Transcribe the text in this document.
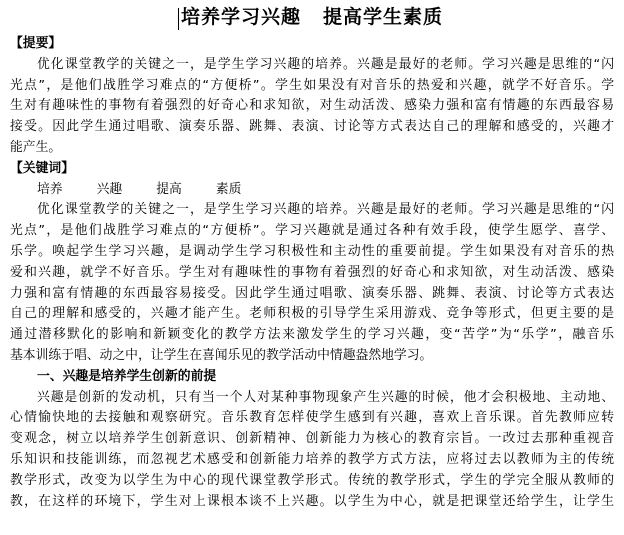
培养学习兴趣 提高学生素质
【提要】
优化课堂教学的关键之一，是学生学习兴趣的培养。兴趣是最好的老师。学习兴趣是思维的“闪
光点”，是他们战胜学习难点的“方便桥”。学生如果没有对音乐的热爱和兴趣，就学不好音乐。学
生对有趣味性的事物有着强烈的好奇心和求知欲，对生动活泼、感染力强和富有情趣的东西最容易
接受。因此学生通过唱歌、演奏乐器、跳舞、表演、讨论等方式表达自己的理解和感受的，兴趣才
能产生。
【关键词】
培养	兴趣	提高	素质
优化课堂教学的关键之一，是学生学习兴趣的培养。兴趣是最好的老师。学习兴趣是思维的“闪
光点”，是他们战胜学习难点的“方便桥”。学习兴趣就是通过各种有效手段，使学生愿学、喜学、
乐学。唤起学生学习兴趣，是调动学生学习积极性和主动性的重要前提。学生如果没有对音乐的热
爱和兴趣，就学不好音乐。学生对有趣味性的事物有着强烈的好奇心和求知欲，对生动活泼、感染
力强和富有情趣的东西最容易接受。因此学生通过唱歌、演奏乐器、跳舞、表演、讨论等方式表达
自己的理解和感受的，兴趣才能产生。老师积极的引导学生采用游戏、竞争等形式，但更主要的是
通过潜移默化的影响和新颖变化的教学方法来激发学生的学习兴趣，变“苦学”为“乐学”，融音乐
基本训练于唱、动之中，让学生在喜闻乐见的教学活动中情趣盎然地学习。
一、兴趣是培养学生创新的前提
兴趣是创新的发动机，只有当一个人对某种事物现象产生兴趣的时候，他才会积极地、主动地、
心情愉快地的去接触和观察研究。音乐教育怎样使学生感到有兴趣，喜欢上音乐课。首先教师应转
变观念，树立以培养学生创新意识、创新精神、创新能力为核心的教育宗旨。一改过去那种重视音
乐知识和技能训练，而忽视艺术感受和创新能力培养的教学方式方法，应将过去以教师为主的传统
教学形式，改变为以学生为中心的现代课堂教学形式。传统的教学形式，学生的学完全服从教师的
教，在这样的环境下，学生对上课根本谈不上兴趣。以学生为中心，就是把课堂还给学生，让学生
